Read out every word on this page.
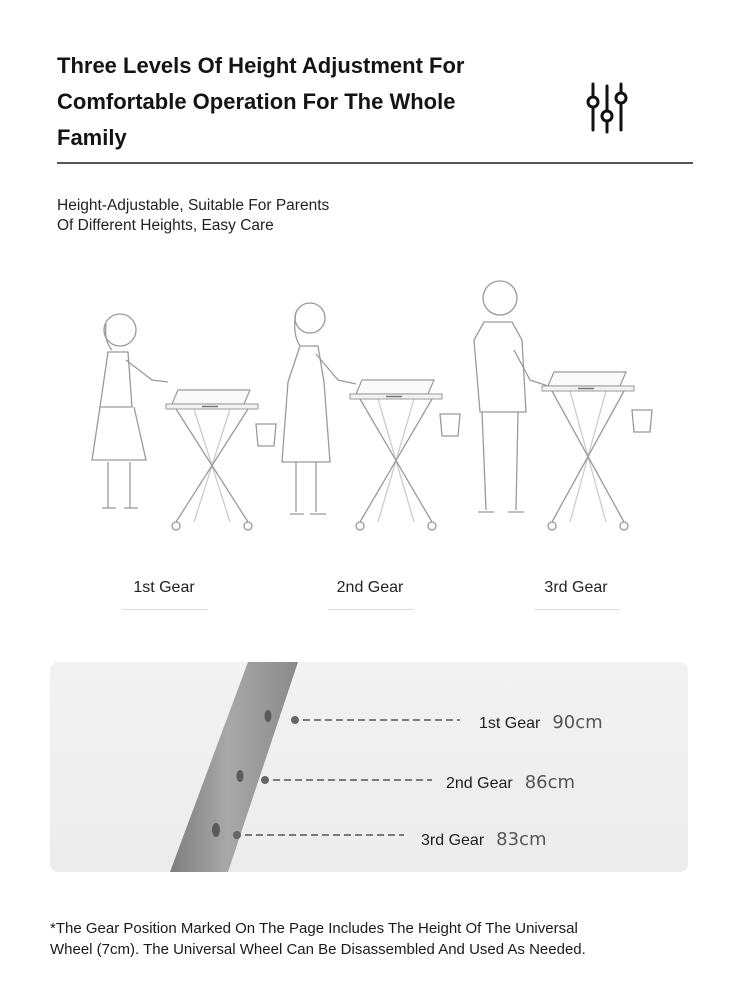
Three Levels Of Height Adjustment For
Comfortable Operation For The Whole
Family
Height-Adjustable, Suitable For Parents
Of Different Heights, Easy Care
1st Gear	2nd Gear	3rd Gear
1st Gear 90cm
2nd Gear 86cm
3rd Gear 83cm
*The Gear Position Marked On The Page Includes The Height Of The Universal
Wheel (7cm). The Universal Wheel Can Be Disassembled And Used As Needed.
